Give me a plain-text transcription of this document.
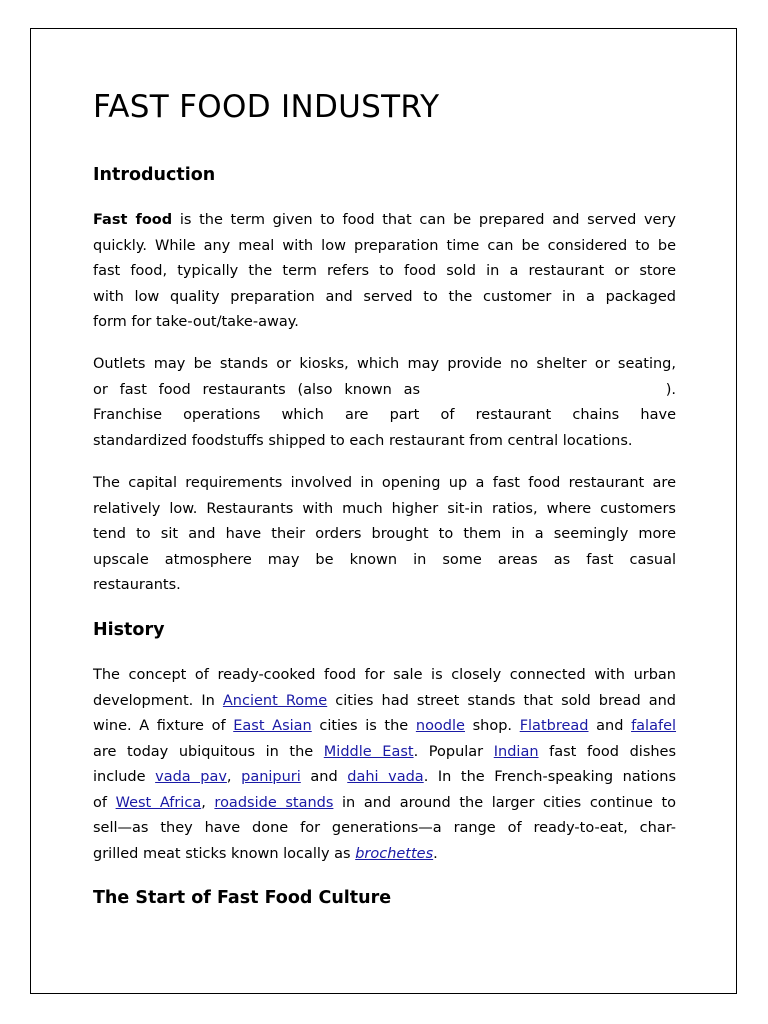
FAST FOOD INDUSTRY
Introduction
Fast food is the term given to food that can be prepared and served very
quickly. While any meal with low preparation time can be considered to be
fast food, typically the term refers to food sold in a restaurant or store
with low quality preparation and served to the customer in a packaged
form for take-out/take-away.
Outlets may be stands or kiosks, which may provide no shelter or seating,
or fast food restaurants (also known as	).
Franchise operations which are part of restaurant chains have
standardized foodstuffs shipped to each restaurant from central locations.
The capital requirements involved in opening up a fast food restaurant are
relatively low. Restaurants with much higher sit-in ratios, where customers
tend to sit and have their orders brought to them in a seemingly more
upscale atmosphere may be known in some areas as fast casual
restaurants.
History
The concept of ready-cooked food for sale is closely connected with urban
development. In Ancient Rome cities had street stands that sold bread and
wine. A fixture of East Asian cities is the noodle shop. Flatbread and falafel
are today ubiquitous in the Middle East. Popular Indian fast food dishes
include vada pav, panipuri and dahi vada. In the French-speaking nations
of West Africa, roadside stands in and around the larger cities continue to
sell—as they have done for generations—a range of ready-to-eat, char-
grilled meat sticks known locally as brochettes.
The Start of Fast Food Culture
